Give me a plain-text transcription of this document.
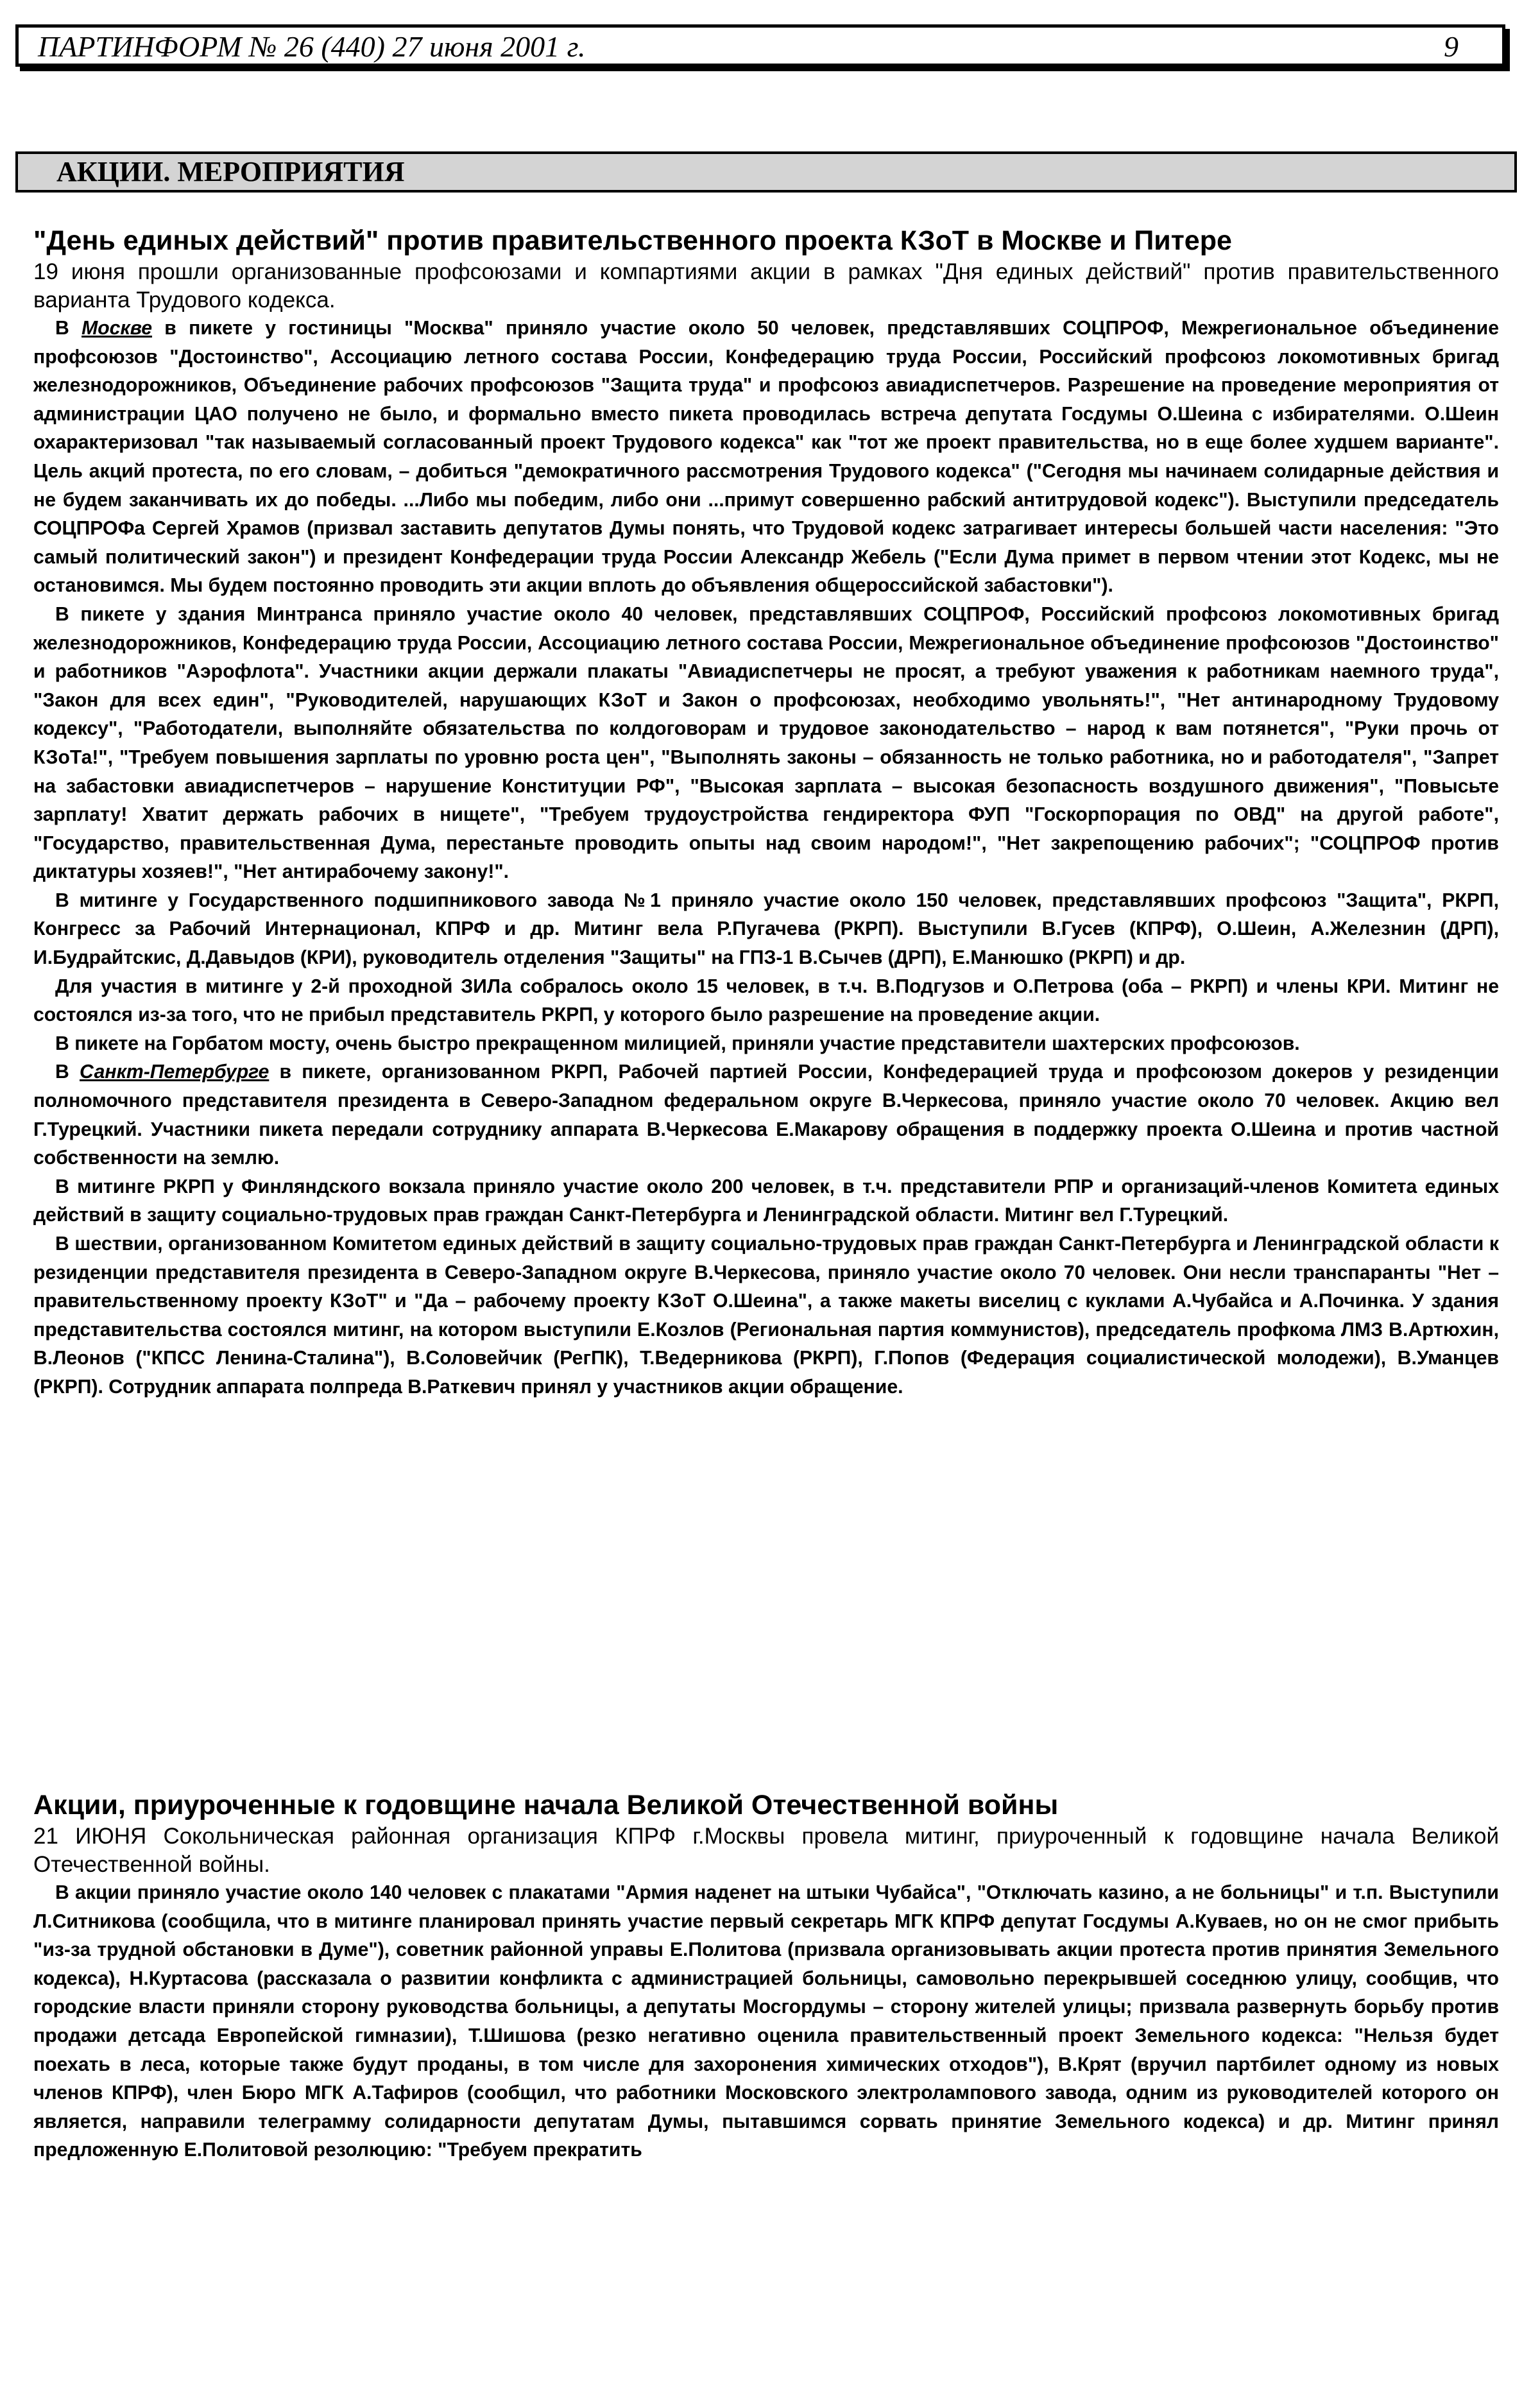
ПАРТИНФОРМ № 26 (440) 27 июня 2001 г.	9
АКЦИИ. МЕРОПРИЯТИЯ
"День единых действий" против правительственного проекта КЗоТ в Москве и Питере

19 июня прошли организованные профсоюзами и компартиями акции в рамках "Дня единых действий" против правительственного варианта Трудового кодекса.

В Москве в пикете у гостиницы "Москва" приняло участие около 50 человек, представлявших СОЦПРОФ, Межрегиональное объединение профсоюзов "Достоинство", Ассоциацию летного состава России, Конфедерацию труда России, Российский профсоюз локомотивных бригад железнодорожников, Объединение рабочих профсоюзов "Защита труда" и профсоюз авиадиспетчеров. Разрешение на проведение мероприятия от администрации ЦАО получено не было, и формально вместо пикета проводилась встреча депутата Госдумы О.Шеина с избирателями. О.Шеин охарактеризовал "так называемый согласованный проект Трудового кодекса" как "тот же проект правительства, но в еще более худшем варианте". Цель акций протеста, по его словам, – добиться "демократичного рассмотрения Трудового кодекса" ("Сегодня мы начинаем солидарные действия и не будем заканчивать их до победы. ...Либо мы победим, либо они ...примут совершенно рабский антитрудовой кодекс"). Выступили председатель СОЦПРОФа Сергей Храмов (призвал заставить депутатов Думы понять, что Трудовой кодекс затрагивает интересы большей части населения: "Это самый политический закон") и президент Конфедерации труда России Александр Жебель ("Если Дума примет в первом чтении этот Кодекс, мы не остановимся. Мы будем постоянно проводить эти акции вплоть до объявления общероссийской забастовки").

В пикете у здания Минтранса приняло участие около 40 человек, представлявших СОЦПРОФ, Российский профсоюз локомотивных бригад железнодорожников, Конфедерацию труда России, Ассоциацию летного состава России, Межрегиональное объединение профсоюзов "Достоинство" и работников "Аэрофлота". Участники акции держали плакаты "Авиадиспетчеры не просят, а требуют уважения к работникам наемного труда", "Закон для всех един", "Руководителей, нарушающих КЗоТ и Закон о профсоюзах, необходимо увольнять!", "Нет антинародному Трудовому кодексу", "Работодатели, выполняйте обязательства по колдоговорам и трудовое законодательство – народ к вам потянется", "Руки прочь от КЗоТа!", "Требуем повышения зарплаты по уровню роста цен", "Выполнять законы – обязанность не только работника, но и работодателя", "Запрет на забастовки авиадиспетчеров – нарушение Конституции РФ", "Высокая зарплата – высокая безопасность воздушного движения", "Повысьте зарплату! Хватит держать рабочих в нищете", "Требуем трудоустройства гендиректора ФУП "Госкорпорация по ОВД" на другой работе", "Государство, правительственная Дума, перестаньте проводить опыты над своим народом!", "Нет закрепощению рабочих"; "СОЦПРОФ против диктатуры хозяев!", "Нет антирабочему закону!".

В митинге у Государственного подшипникового завода №1 приняло участие около 150 человек, представлявших профсоюз "Защита", РКРП, Конгресс за Рабочий Интернационал, КПРФ и др. Митинг вела Р.Пугачева (РКРП). Выступили В.Гусев (КПРФ), О.Шеин, А.Железнин (ДРП), И.Будрайтскис, Д.Давыдов (КРИ), руководитель отделения "Защиты" на ГПЗ-1 В.Сычев (ДРП), Е.Манюшко (РКРП) и др.

Для участия в митинге у 2-й проходной ЗИЛа собралось около 15 человек, в т.ч. В.Подгузов и О.Петрова (оба – РКРП) и члены КРИ. Митинг не состоялся из-за того, что не прибыл представитель РКРП, у которого было разрешение на проведение акции.

В пикете на Горбатом мосту, очень быстро прекращенном милицией, приняли участие представители шахтерских профсоюзов.

В Санкт-Петербурге в пикете, организованном РКРП, Рабочей партией России, Конфедерацией труда и профсоюзом докеров у резиденции полномочного представителя президента в Северо-Западном федеральном округе В.Черкесова, приняло участие около 70 человек. Акцию вел Г.Турецкий. Участники пикета передали сотруднику аппарата В.Черкесова Е.Макарову обращения в поддержку проекта О.Шеина и против частной собственности на землю.

В митинге РКРП у Финляндского вокзала приняло участие около 200 человек, в т.ч. представители РПР и организаций-членов Комитета единых действий в защиту социально-трудовых прав граждан Санкт-Петербурга и Ленинградской области. Митинг вел Г.Турецкий.

В шествии, организованном Комитетом единых действий в защиту социально-трудовых прав граждан Санкт-Петербурга и Ленинградской области к резиденции представителя президента в Северо-Западном округе В.Черкесова, приняло участие около 70 человек. Они несли транспаранты "Нет – правительственному проекту КЗоТ" и "Да – рабочему проекту КЗоТ О.Шеина", а также макеты виселиц с куклами А.Чубайса и А.Починка. У здания представительства состоялся митинг, на котором выступили Е.Козлов (Региональная партия коммунистов), председатель профкома ЛМЗ В.Артюхин, В.Леонов ("КПСС Ленина-Сталина"), В.Соловейчик (РегПК), Т.Ведерникова (РКРП), Г.Попов (Федерация социалистической молодежи), В.Уманцев (РКРП). Сотрудник аппарата полпреда В.Раткевич принял у участников акции обращение.

Акции, приуроченные к годовщине начала Великой Отечественной войны

21 ИЮНЯ Сокольническая районная организация КПРФ г.Москвы провела митинг, приуроченный к годовщине начала Великой Отечественной войны.

В акции приняло участие около 140 человек с плакатами "Армия наденет на штыки Чубайса", "Отключать казино, а не больницы" и т.п. Выступили Л.Ситникова (сообщила, что в митинге планировал принять участие первый секретарь МГК КПРФ депутат Госдумы А.Куваев, но он не смог прибыть "из-за трудной обстановки в Думе"), советник районной управы Е.Политова (призвала организовывать акции протеста против принятия Земельного кодекса), Н.Куртасова (рассказала о развитии конфликта с администрацией больницы, самовольно перекрывшей соседнюю улицу, сообщив, что городские власти приняли сторону руководства больницы, а депутаты Мосгордумы – сторону жителей улицы; призвала развернуть борьбу против продажи детсада Европейской гимназии), Т.Шишова (резко негативно оценила правительственный проект Земельного кодекса: "Нельзя будет поехать в леса, которые также будут проданы, в том числе для захоронения химических отходов"), В.Крят (вручил партбилет одному из новых членов КПРФ), член Бюро МГК А.Тафиров (сообщил, что работники Московского электролампового завода, одним из руководителей которого он является, направили телеграмму солидарности депутатам Думы, пытавшимся сорвать принятие Земельного кодекса) и др. Митинг принял предложенную Е.Политовой резолюцию: "Требуем прекратить
